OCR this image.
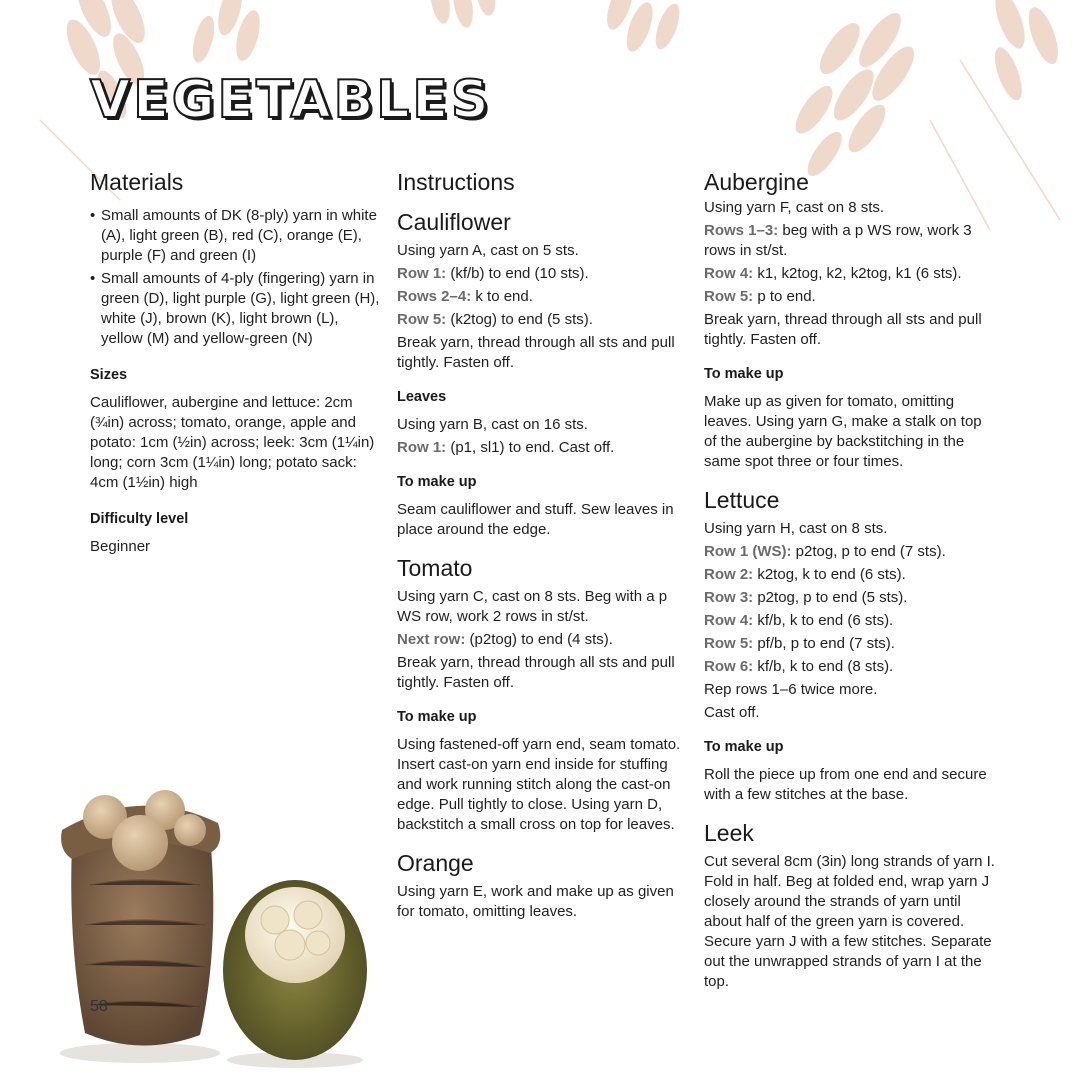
VEGETABLES
Materials
• Small amounts of DK (8-ply) yarn in white (A), light green (B), red (C), orange (E), purple (F) and green (I)
• Small amounts of 4-ply (fingering) yarn in green (D), light purple (G), light green (H), white (J), brown (K), light brown (L), yellow (M) and yellow-green (N)
Sizes

Cauliflower, aubergine and lettuce: 2cm (¾in) across; tomato, orange, apple and potato: 1cm (½in) across; leek: 3cm (1¼in) long; corn 3cm (1¼in) long; potato sack: 4cm (1½in) high

Difficulty level

Beginner

Instructions
Cauliflower

Using yarn A, cast on 5 sts.

Row 1: (kf/b) to end (10 sts).

Rows 2–4: k to end.

Row 5: (k2tog) to end (5 sts).

Break yarn, thread through all sts and pull tightly. Fasten off.

Leaves

Using yarn B, cast on 16 sts.

Row 1: (p1, sl1) to end. Cast off.

To make up

Seam cauliflower and stuff. Sew leaves in place around the edge.

Tomato

Using yarn C, cast on 8 sts. Beg with a p WS row, work 2 rows in st/st.

Next row: (p2tog) to end (4 sts).

Break yarn, thread through all sts and pull tightly. Fasten off.

To make up

Using fastened-off yarn end, seam tomato. Insert cast-on yarn end inside for stuffing and work running stitch along the cast-on edge. Pull tightly to close. Using yarn D, backstitch a small cross on top for leaves.

Orange

Using yarn E, work and make up as given for tomato, omitting leaves.

Aubergine

Using yarn F, cast on 8 sts.

Rows 1–3: beg with a p WS row, work 3 rows in st/st.

Row 4: k1, k2tog, k2, k2tog, k1 (6 sts).

Row 5: p to end.

Break yarn, thread through all sts and pull tightly. Fasten off.

To make up

Make up as given for tomato, omitting leaves. Using yarn G, make a stalk on top of the aubergine by backstitching in the same spot three or four times.

Lettuce

Using yarn H, cast on 8 sts.

Row 1 (WS): p2tog, p to end (7 sts).

Row 2: k2tog, k to end (6 sts).

Row 3: p2tog, p to end (5 sts).

Row 4: kf/b, k to end (6 sts).

Row 5: pf/b, p to end (7 sts).

Row 6: kf/b, k to end (8 sts).

Rep rows 1–6 twice more.

Cast off.

To make up

Roll the piece up from one end and secure with a few stitches at the base.

Leek

Cut several 8cm (3in) long strands of yarn I. Fold in half. Beg at folded end, wrap yarn J closely around the strands of yarn until about half of the green yarn is covered. Secure yarn J with a few stitches. Separate out the unwrapped strands of yarn I at the top.

58
